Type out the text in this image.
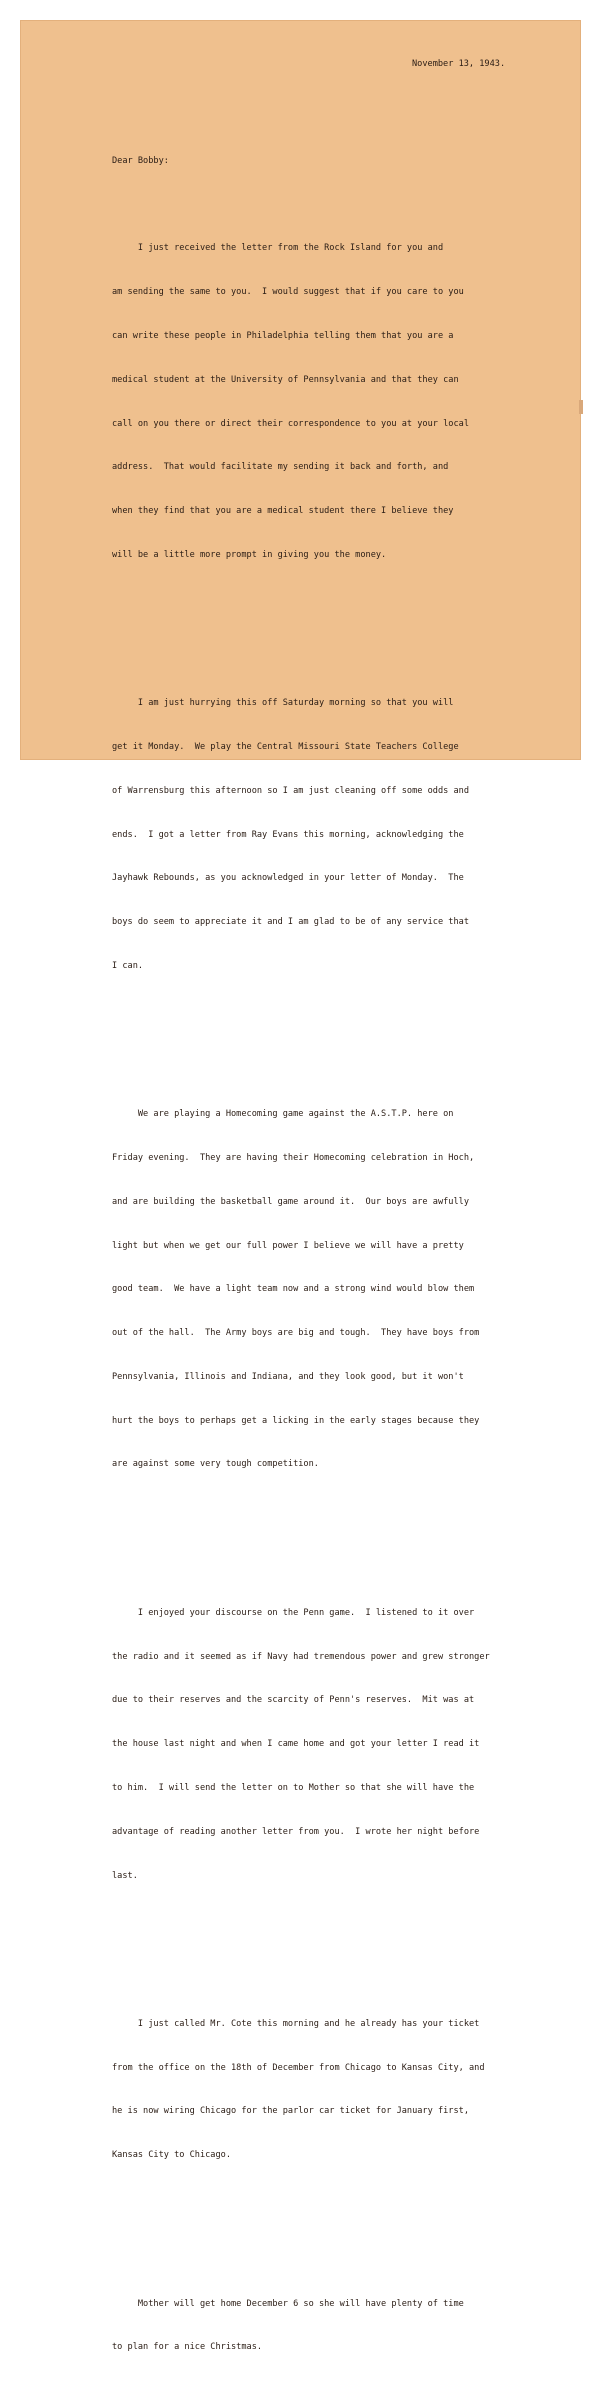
November 13, 1943.
Dear Bobby:

I just received the letter from the Rock Island for you and

am sending the same to you.  I would suggest that if you care to you

can write these people in Philadelphia telling them that you are a

medical student at the University of Pennsylvania and that they can

call on you there or direct their correspondence to you at your local

address.  That would facilitate my sending it back and forth, and

when they find that you are a medical student there I believe they

will be a little more prompt in giving you the money.

I am just hurrying this off Saturday morning so that you will

get it Monday.  We play the Central Missouri State Teachers College

of Warrensburg this afternoon so I am just cleaning off some odds and

ends.  I got a letter from Ray Evans this morning, acknowledging the

Jayhawk Rebounds, as you acknowledged in your letter of Monday.  The

boys do seem to appreciate it and I am glad to be of any service that

I can.

We are playing a Homecoming game against the A.S.T.P. here on

Friday evening.  They are having their Homecoming celebration in Hoch,

and are building the basketball game around it.  Our boys are awfully

light but when we get our full power I believe we will have a pretty

good team.  We have a light team now and a strong wind would blow them

out of the hall.  The Army boys are big and tough.  They have boys from

Pennsylvania, Illinois and Indiana, and they look good, but it won't

hurt the boys to perhaps get a licking in the early stages because they

are against some very tough competition.

I enjoyed your discourse on the Penn game.  I listened to it over

the radio and it seemed as if Navy had tremendous power and grew stronger

due to their reserves and the scarcity of Penn's reserves.  Mit was at

the house last night and when I came home and got your letter I read it

to him.  I will send the letter on to Mother so that she will have the

advantage of reading another letter from you.  I wrote her night before

last.

I just called Mr. Cote this morning and he already has your ticket

from the office on the 18th of December from Chicago to Kansas City, and

he is now wiring Chicago for the parlor car ticket for January first,

Kansas City to Chicago.

Mother will get home December 6 so she will have plenty of time

to plan for a nice Christmas.
